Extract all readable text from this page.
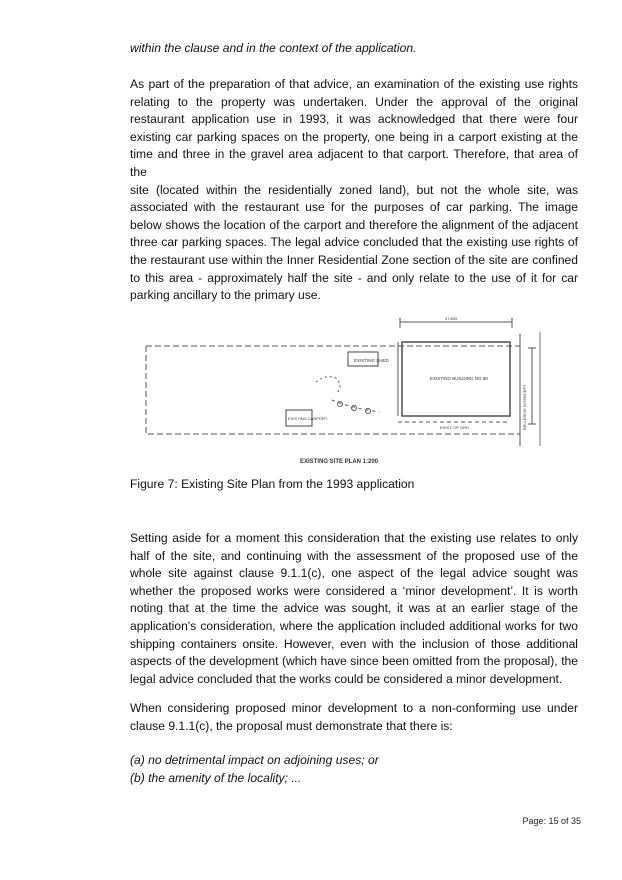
within the clause and in the context of the application.

As part of the preparation of that advice, an examination of the existing use rights
relating to the property was undertaken. Under the approval of the original
restaurant application use in 1993, it was acknowledged that there were four
existing car parking spaces on the property, one being in a carport existing at the
time and three in the gravel area adjacent to that carport. Therefore, that area of the
site (located within the residentially zoned land), but not the whole site, was
associated with the restaurant use for the purposes of car parking. The image
below shows the location of the carport and therefore the alignment of the adjacent
three car parking spaces. The legal advice concluded that the existing use rights of
the restaurant use within the Inner Residential Zone section of the site are confined
to this area - approximately half the site - and only relate to the use of it for car
parking ancillary to the primary use.

EXISTING SHED
EXISTING BUILDING NO 88
EXISTING CARPORT
37.800
EXIST. OF GRD	BELLERIVE INTERCEPT
EXISTING SITE PLAN 1:200
Figure 7: Existing Site Plan from the 1993 application

Setting aside for a moment this consideration that the existing use relates to only
half of the site, and continuing with the assessment of the proposed use of the
whole site against clause 9.1.1(c), one aspect of the legal advice sought was
whether the proposed works were considered a ‘minor development’. It is worth
noting that at the time the advice was sought, it was at an earlier stage of the
application's consideration, where the application included additional works for two
shipping containers onsite. However, even with the inclusion of those additional
aspects of the development (which have since been omitted from the proposal), the
legal advice concluded that the works could be considered a minor development.

When considering proposed minor development to a non-conforming use under
clause 9.1.1(c), the proposal must demonstrate that there is:

(a) no detrimental impact on adjoining uses; or
(b) the amenity of the locality; ...

Page: 15 of 35
